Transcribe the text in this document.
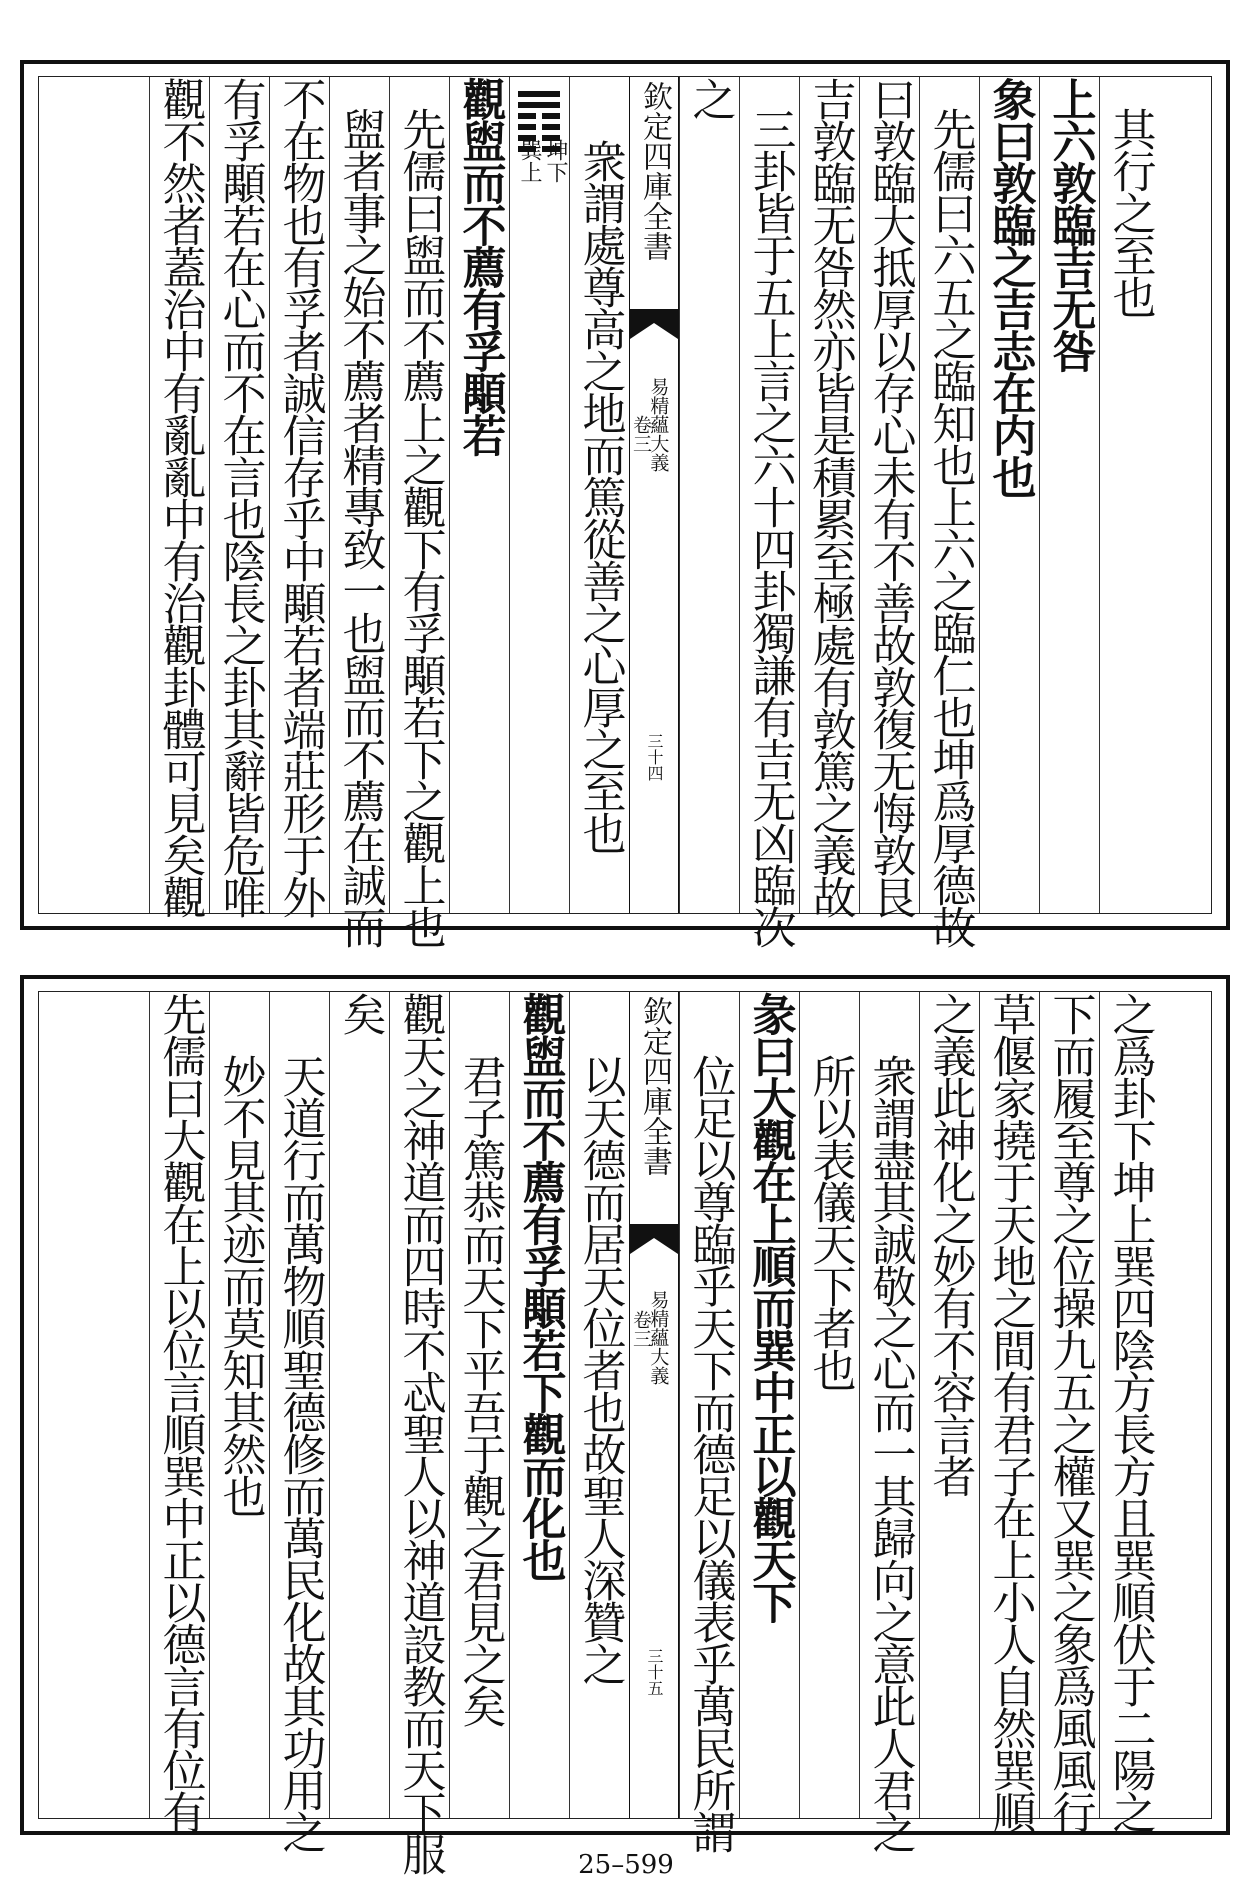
其行之至也
上六敦臨吉无咎
象曰敦臨之吉志在内也
先儒曰六五之臨知也上六之臨仁也坤爲厚德故
曰敦臨大抵厚以存心未有不善故敦復无悔敦艮
吉敦臨无咎然亦皆是積累至極處有敦篤之義故
三卦皆于五上言之六十四卦獨謙有吉无凶臨次
之
欽定四庫全書
易精蘊大義
卷三
三十四
衆謂處尊高之地而篤從善之心厚之至也
坤下
巽上
觀盥而不薦有孚顒若
先儒曰盥而不薦上之觀下有孚顒若下之觀上也
盥者事之始不薦者精專致一也盥而不薦在誠而
不在物也有孚者誠信存乎中顒若者端莊形于外
有孚顒若在心而不在言也陰長之卦其辭皆危唯
觀不然者蓋治中有亂亂中有治觀卦體可見矣觀
之爲卦下坤上巽四陰方長方且巽順伏于二陽之
下而履至尊之位操九五之權又巽之象爲風風行
草偃家撓于天地之間有君子在上小人自然巽順
之義此神化之妙有不容言者
衆謂盡其誠敬之心而一其歸向之意此人君之
所以表儀天下者也
彖曰大觀在上順而巽中正以觀天下
位足以尊臨乎天下而德足以儀表乎萬民所謂
欽定四庫全書
易精蘊大義
卷三
三十五
以天德而居天位者也故聖人深贊之
觀盥而不薦有孚顒若下觀而化也
君子篤恭而天下平吾于觀之君見之矣
觀天之神道而四時不忒聖人以神道設教而天下服
矣
天道行而萬物順聖德修而萬民化故其功用之
妙不見其迹而莫知其然也
先儒曰大觀在上以位言順巽中正以德言有位有
25–599
